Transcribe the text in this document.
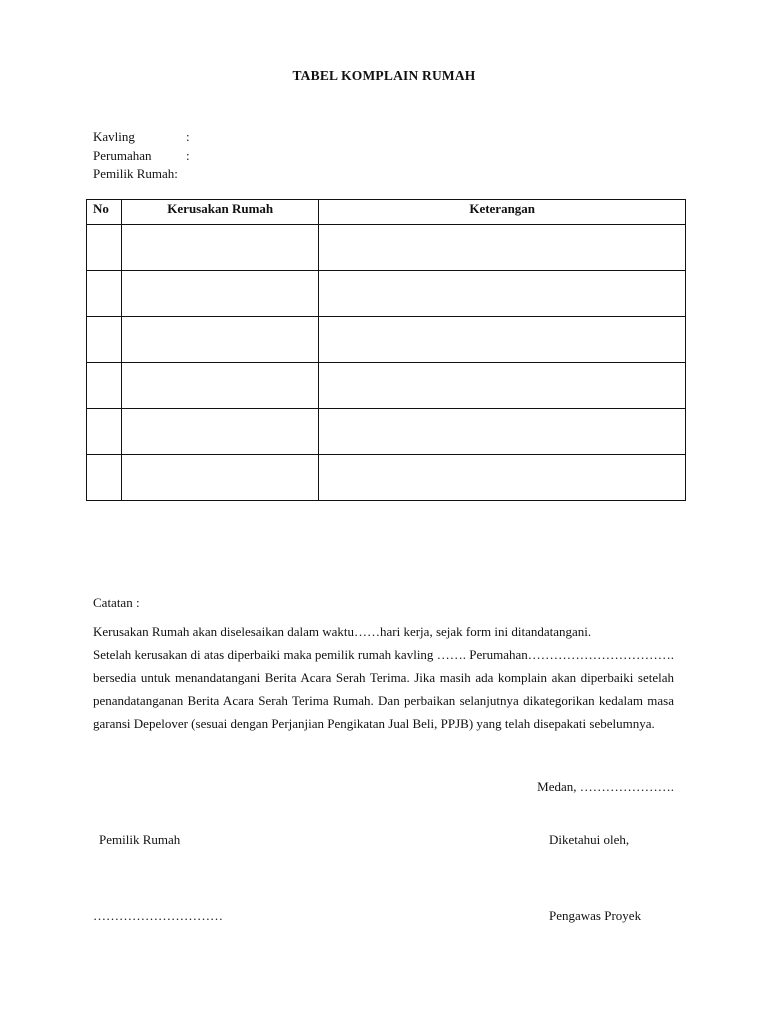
TABEL KOMPLAIN RUMAH
Kavling	:
Perumahan	:
Pemilik Rumah:
No	Kerusakan Rumah	Keterangan

Catatan :

Kerusakan Rumah akan diselesaikan dalam waktu……hari kerja, sejak form ini ditandatangani.

Setelah kerusakan di atas diperbaiki maka pemilik rumah kavling ……. Perumahan……………………………. bersedia untuk menandatangani Berita Acara Serah Terima. Jika masih ada komplain akan diperbaiki setelah penandatanganan Berita Acara Serah Terima Rumah. Dan perbaikan selanjutnya dikategorikan kedalam masa garansi Depelover (sesuai dengan Perjanjian Pengikatan Jual Beli, PPJB) yang telah disepakati sebelumnya.

Medan, ………………….
Pemilik Rumah	Diketahui oleh,
…………………………	Pengawas Proyek
